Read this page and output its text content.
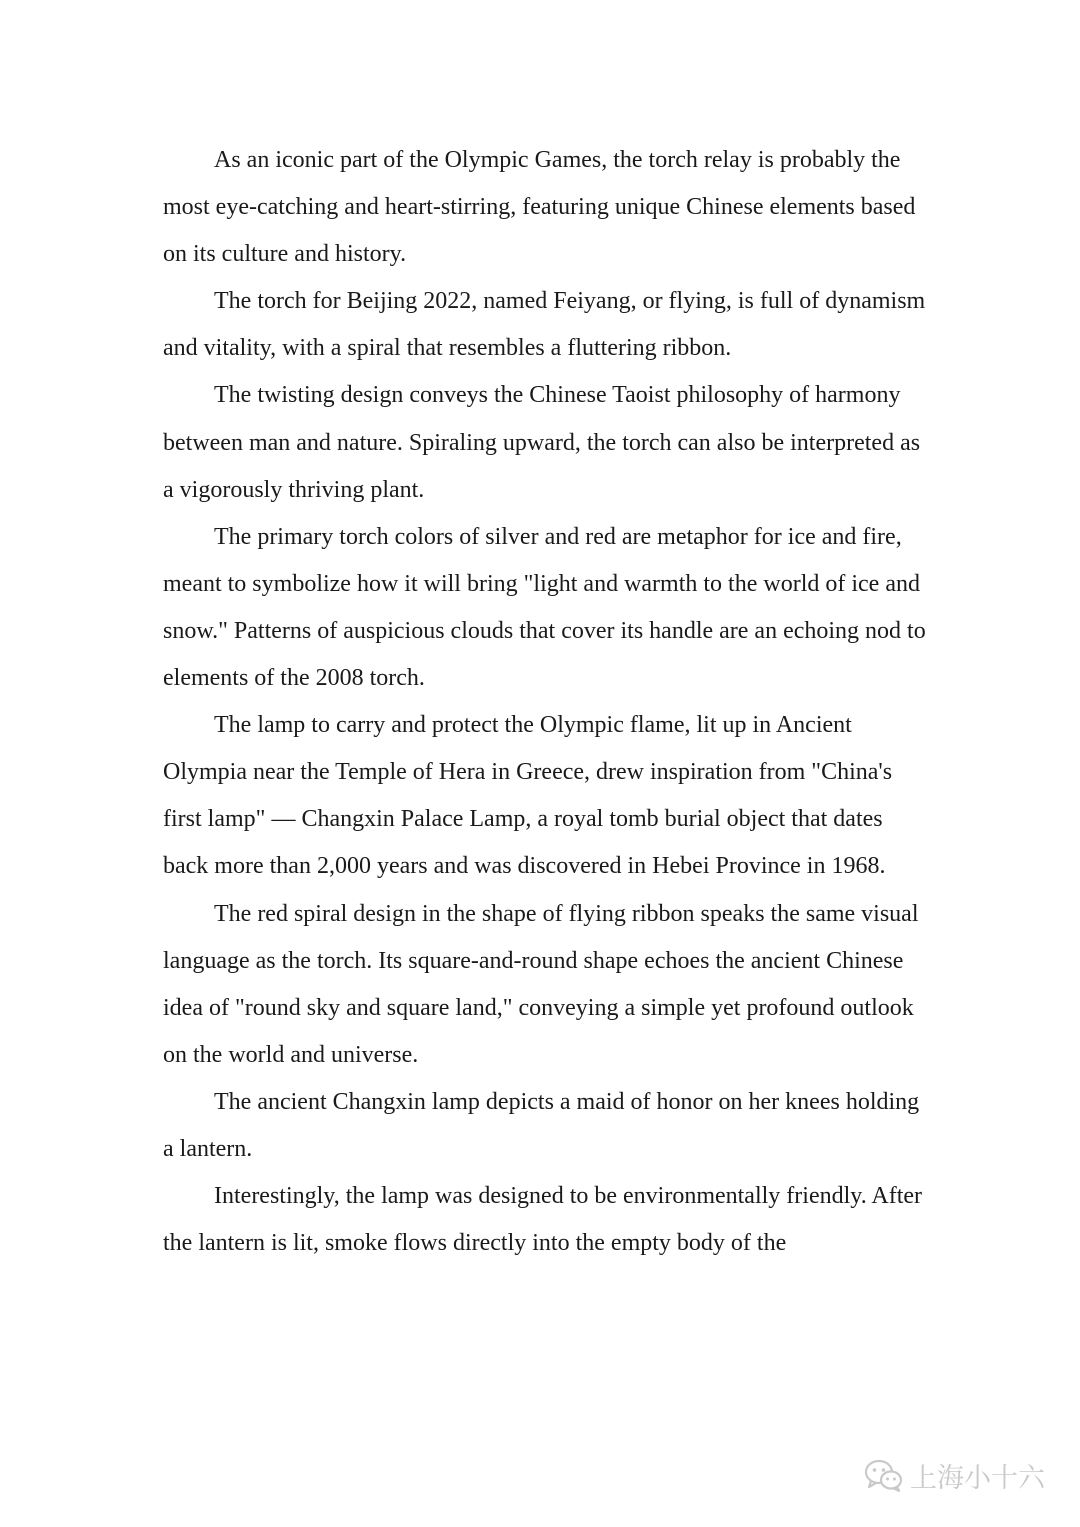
As an iconic part of the Olympic Games, the torch relay is probably the most eye-catching and heart-stirring, featuring unique Chinese elements based on its culture and history.

The torch for Beijing 2022, named Feiyang, or flying, is full of dynamism and vitality, with a spiral that resembles a fluttering ribbon.

The twisting design conveys the Chinese Taoist philosophy of harmony between man and nature. Spiraling upward, the torch can also be interpreted as a vigorously thriving plant.

The primary torch colors of silver and red are metaphor for ice and fire, meant to symbolize how it will bring "light and warmth to the world of ice and snow." Patterns of auspicious clouds that cover its handle are an echoing nod to elements of the 2008 torch.

The lamp to carry and protect the Olympic flame, lit up in Ancient Olympia near the Temple of Hera in Greece, drew inspiration from "China's first lamp" — Changxin Palace Lamp, a royal tomb burial object that dates back more than 2,000 years and was discovered in Hebei Province in 1968.

The red spiral design in the shape of flying ribbon speaks the same visual language as the torch. Its square-and-round shape echoes the ancient Chinese idea of "round sky and square land," conveying a simple yet profound outlook on the world and universe.

The ancient Changxin lamp depicts a maid of honor on her knees holding a lantern.

Interestingly, the lamp was designed to be environmentally friendly. After the lantern is lit, smoke flows directly into the empty body of the

上海小十六
